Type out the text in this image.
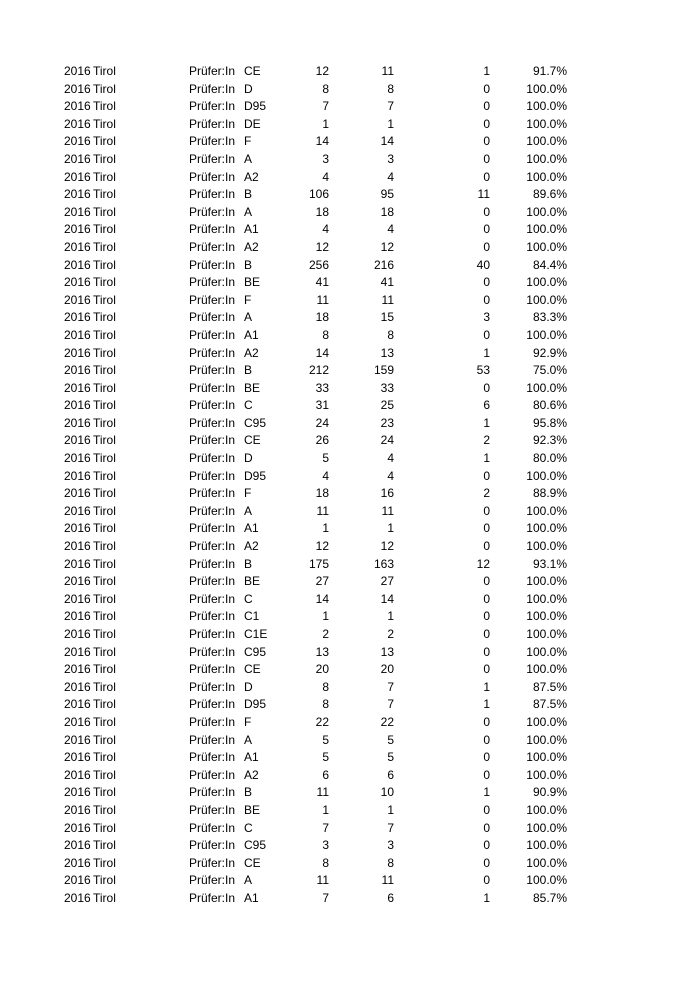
2016 Tirol	Prüfer:In CE	12	11	1	91.7%
2016 Tirol	Prüfer:In D	8	8	0	100.0%
2016 Tirol	Prüfer:In D95	7	7	0	100.0%
2016 Tirol	Prüfer:In DE	1	1	0	100.0%
2016 Tirol	Prüfer:In F	14	14	0	100.0%
2016 Tirol	Prüfer:In A	3	3	0	100.0%
2016 Tirol	Prüfer:In A2	4	4	0	100.0%
2016 Tirol	Prüfer:In B	106	95	11	89.6%
2016 Tirol	Prüfer:In A	18	18	0	100.0%
2016 Tirol	Prüfer:In A1	4	4	0	100.0%
2016 Tirol	Prüfer:In A2	12	12	0	100.0%
2016 Tirol	Prüfer:In B	256	216	40	84.4%
2016 Tirol	Prüfer:In BE	41	41	0	100.0%
2016 Tirol	Prüfer:In F	11	11	0	100.0%
2016 Tirol	Prüfer:In A	18	15	3	83.3%
2016 Tirol	Prüfer:In A1	8	8	0	100.0%
2016 Tirol	Prüfer:In A2	14	13	1	92.9%
2016 Tirol	Prüfer:In B	212	159	53	75.0%
2016 Tirol	Prüfer:In BE	33	33	0	100.0%
2016 Tirol	Prüfer:In C	31	25	6	80.6%
2016 Tirol	Prüfer:In C95	24	23	1	95.8%
2016 Tirol	Prüfer:In CE	26	24	2	92.3%
2016 Tirol	Prüfer:In D	5	4	1	80.0%
2016 Tirol	Prüfer:In D95	4	4	0	100.0%
2016 Tirol	Prüfer:In F	18	16	2	88.9%
2016 Tirol	Prüfer:In A	11	11	0	100.0%
2016 Tirol	Prüfer:In A1	1	1	0	100.0%
2016 Tirol	Prüfer:In A2	12	12	0	100.0%
2016 Tirol	Prüfer:In B	175	163	12	93.1%
2016 Tirol	Prüfer:In BE	27	27	0	100.0%
2016 Tirol	Prüfer:In C	14	14	0	100.0%
2016 Tirol	Prüfer:In C1	1	1	0	100.0%
2016 Tirol	Prüfer:In C1E	2	2	0	100.0%
2016 Tirol	Prüfer:In C95	13	13	0	100.0%
2016 Tirol	Prüfer:In CE	20	20	0	100.0%
2016 Tirol	Prüfer:In D	8	7	1	87.5%
2016 Tirol	Prüfer:In D95	8	7	1	87.5%
2016 Tirol	Prüfer:In F	22	22	0	100.0%
2016 Tirol	Prüfer:In A	5	5	0	100.0%
2016 Tirol	Prüfer:In A1	5	5	0	100.0%
2016 Tirol	Prüfer:In A2	6	6	0	100.0%
2016 Tirol	Prüfer:In B	11	10	1	90.9%
2016 Tirol	Prüfer:In BE	1	1	0	100.0%
2016 Tirol	Prüfer:In C	7	7	0	100.0%
2016 Tirol	Prüfer:In C95	3	3	0	100.0%
2016 Tirol	Prüfer:In CE	8	8	0	100.0%
2016 Tirol	Prüfer:In A	11	11	0	100.0%
2016 Tirol	Prüfer:In A1	7	6	1	85.7%
